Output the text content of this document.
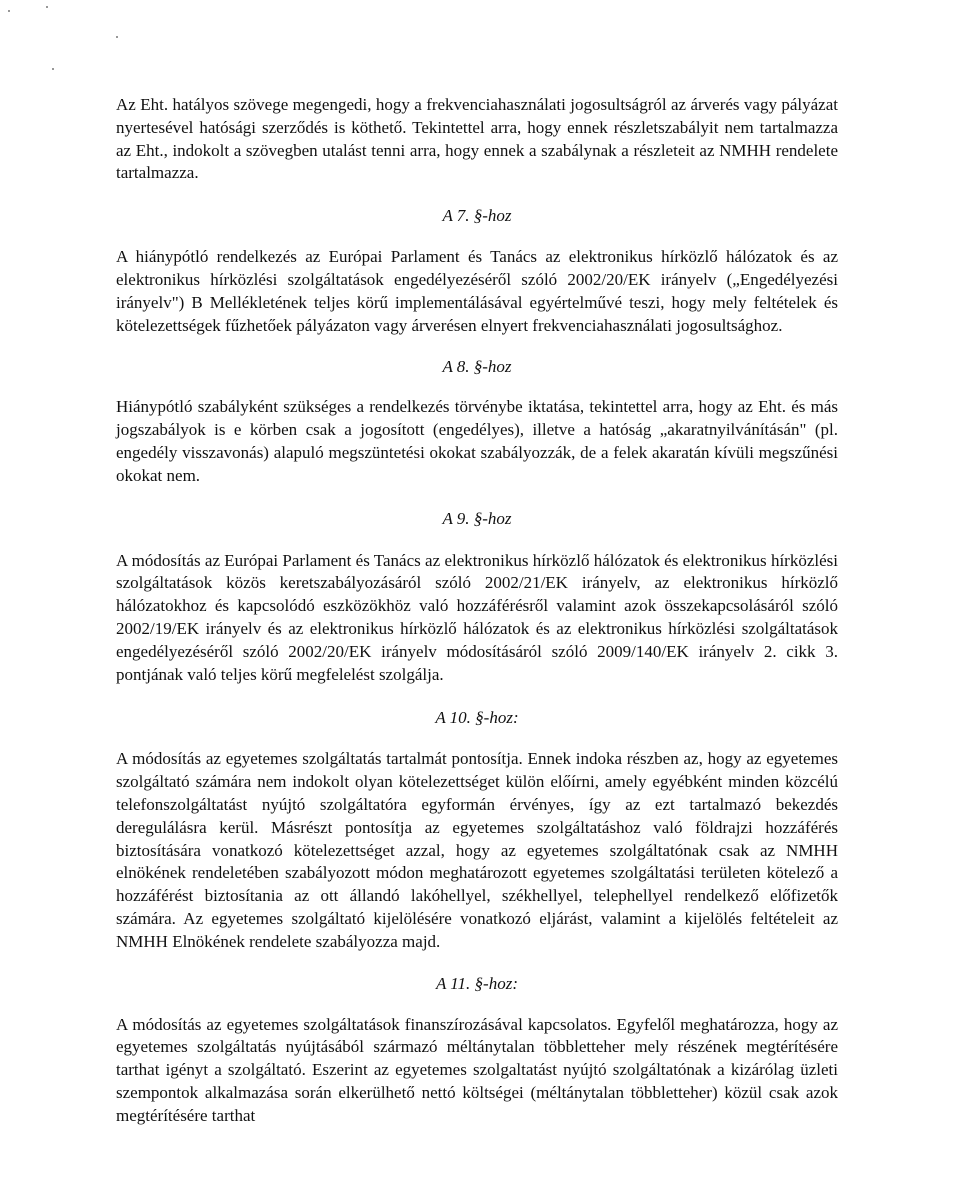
Az Eht. hatályos szövege megengedi, hogy a frekvenciahasználati jogosultságról az árverés vagy pályázat nyertesével hatósági szerződés is köthető. Tekintettel arra, hogy ennek részletszabályit nem tartalmazza az Eht., indokolt a szövegben utalást tenni arra, hogy ennek a szabálynak a részleteit az NMHH rendelete tartalmazza.

A 7. §-hoz

A hiánypótló rendelkezés az Európai Parlament és Tanács az elektronikus hírközlő hálózatok és az elektronikus hírközlési szolgáltatások engedélyezéséről szóló 2002/20/EK irányelv („Engedélyezési irányelv") B Mellékletének teljes körű implementálásával egyértelművé teszi, hogy mely feltételek és kötelezettségek fűzhetőek pályázaton vagy árverésen elnyert frekvenciahasználati jogosultsághoz.

A 8. §-hoz

Hiánypótló szabályként szükséges a rendelkezés törvénybe iktatása, tekintettel arra, hogy az Eht. és más jogszabályok is e körben csak a jogosított (engedélyes), illetve a hatóság „akaratnyilvánításán" (pl. engedély visszavonás) alapuló megszüntetési okokat szabályozzák, de a felek akaratán kívüli megszűnési okokat nem.

A 9. §-hoz

A módosítás az Európai Parlament és Tanács az elektronikus hírközlő hálózatok és elektronikus hírközlési szolgáltatások közös keretszabályozásáról szóló 2002/21/EK irányelv, az elektronikus hírközlő hálózatokhoz és kapcsolódó eszközökhöz való hozzáférésről valamint azok összekapcsolásáról szóló 2002/19/EK irányelv és az elektronikus hírközlő hálózatok és az elektronikus hírközlési szolgáltatások engedélyezéséről szóló 2002/20/EK irányelv módosításáról szóló 2009/140/EK irányelv 2. cikk 3. pontjának való teljes körű megfelelést szolgálja.

A 10. §-hoz:

A módosítás az egyetemes szolgáltatás tartalmát pontosítja. Ennek indoka részben az, hogy az egyetemes szolgáltató számára nem indokolt olyan kötelezettséget külön előírni, amely egyébként minden közcélú telefonszolgáltatást nyújtó szolgáltatóra egyformán érvényes, így az ezt tartalmazó bekezdés deregulálásra kerül. Másrészt pontosítja az egyetemes szolgáltatáshoz való földrajzi hozzáférés biztosítására vonatkozó kötelezettséget azzal, hogy az egyetemes szolgáltatónak csak az NMHH elnökének rendeletében szabályozott módon meghatározott egyetemes szolgáltatási területen kötelező a hozzáférést biztosítania az ott állandó lakóhellyel, székhellyel, telephellyel rendelkező előfizetők számára. Az egyetemes szolgáltató kijelölésére vonatkozó eljárást, valamint a kijelölés feltételeit az NMHH Elnökének rendelete szabályozza majd.

A 11. §-hoz:

A módosítás az egyetemes szolgáltatások finanszírozásával kapcsolatos. Egyfelől meghatározza, hogy az egyetemes szolgáltatás nyújtásából származó méltánytalan többletteher mely részének megtérítésére tarthat igényt a szolgáltató. Eszerint az egyetemes szolgaltatást nyújtó szolgáltatónak a kizárólag üzleti szempontok alkalmazása során elkerülhető nettó költségei (méltánytalan többletteher) közül csak azok megtérítésére tarthat
